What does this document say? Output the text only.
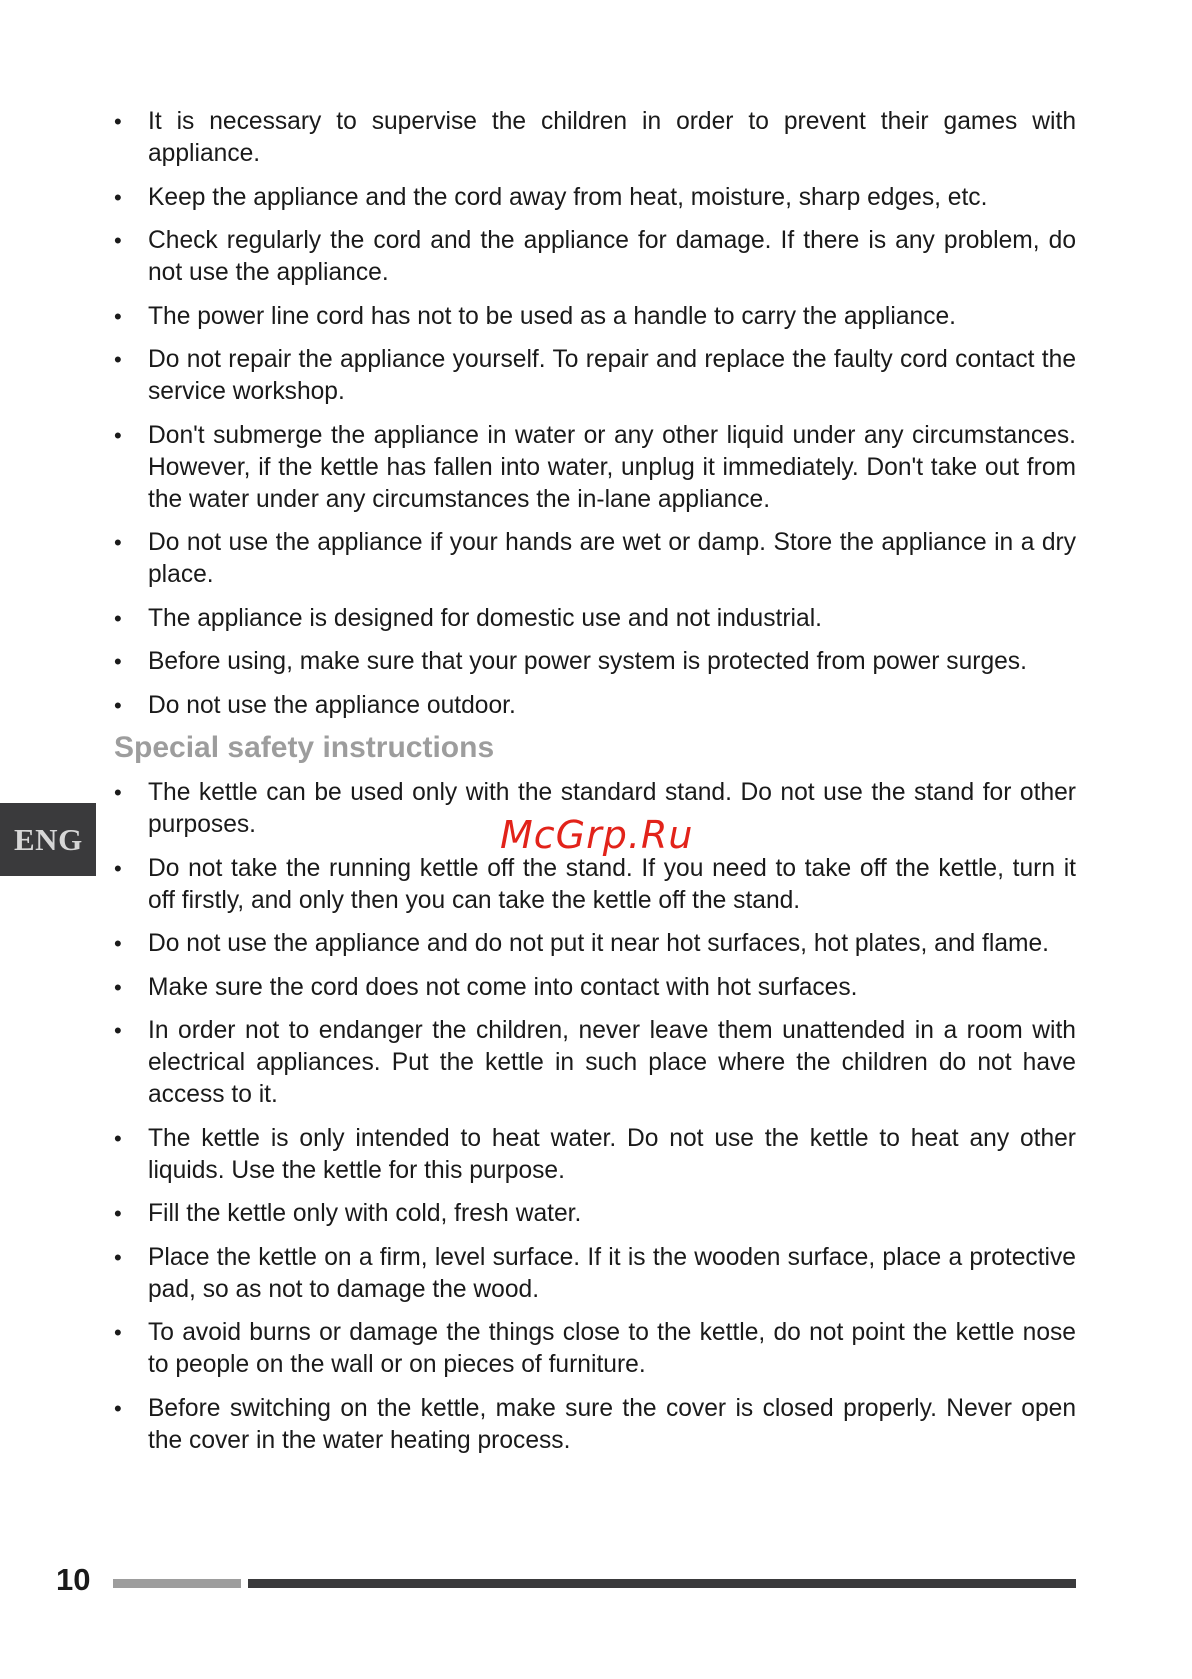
•	It is necessary to supervise the children in order to prevent their games with appliance.
•	Keep the appliance and the cord away from heat, moisture, sharp edges, etc.
•	Check regularly the cord and the appliance for damage. If there is any problem, do not use the appliance.
•	The power line cord has not to be used as a handle to carry the appliance.
•	Do not repair the appliance yourself. To repair and replace the faulty cord contact the service workshop.
•	Don't submerge the appliance in water or any other liquid under any circumstances. However, if the kettle has fallen into water, unplug it immediately. Don't take out from the water under any circumstances the in-lane appliance.
•	Do not use the appliance if your hands are wet or damp. Store the appliance in a dry place.
•	The appliance is designed for domestic use and not industrial.
•	Before using, make sure that your power system is protected from power surges.
•	Do not use the appliance outdoor.
Special safety instructions
•	The kettle can be used only with the standard stand. Do not use the stand for other purposes.
•	Do not take the running kettle off the stand. If you need to take off the kettle, turn it off firstly, and only then you can take the kettle off the stand.
•	Do not use the appliance and do not put it near hot surfaces, hot plates, and flame.
•	Make sure the cord does not come into contact with hot surfaces.
•	In order not to endanger the children, never leave them unattended in a room with electrical appliances. Put the kettle in such place where the children do not have access to it.
•	The kettle is only intended to heat water. Do not use the kettle to heat any other liquids. Use the kettle for this purpose.
•	Fill the kettle only with cold, fresh water.
•	Place the kettle on a firm, level surface. If it is the wooden surface, place a protective pad, so as not to damage the wood.
•	To avoid burns or damage the things close to the kettle, do not point the kettle nose to people on the wall or on pieces of furniture.
•	Before switching on the kettle, make sure the cover is closed properly. Never open the cover in the water heating process.
ENG	McGrp.Ru
10
